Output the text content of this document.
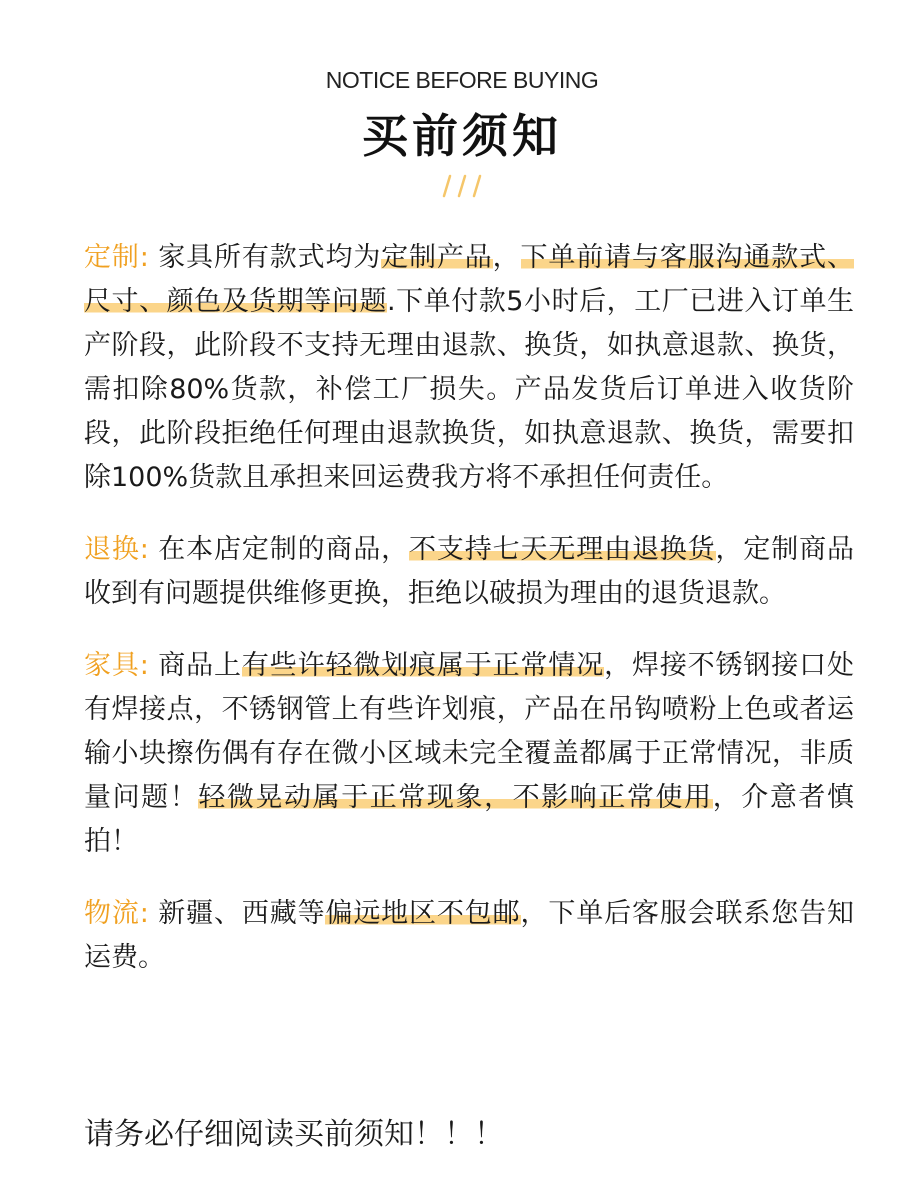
NOTICE BEFORE BUYING
买前须知

定制: 家具所有款式均为定制产品，下单前请与客服沟通款式、尺寸、颜色及货期等问题.下单付款5小时后，工厂已进入订单生产阶段，此阶段不支持无理由退款、换货，如执意退款、换货，需扣除80%货款，补偿工厂损失。产品发货后订单进入收货阶段，此阶段拒绝任何理由退款换货，如执意退款、换货，需要扣除100%货款且承担来回运费我方将不承担任何责任。

退换: 在本店定制的商品，不支持七天无理由退换货，定制商品收到有问题提供维修更换，拒绝以破损为理由的退货退款。

家具: 商品上有些许轻微划痕属于正常情况，焊接不锈钢接口处有焊接点，不锈钢管上有些许划痕，产品在吊钩喷粉上色或者运输小块擦伤偶有存在微小区域未完全覆盖都属于正常情况，非质量问题！轻微晃动属于正常现象，不影响正常使用，介意者慎拍！

物流: 新疆、西藏等偏远地区不包邮，下单后客服会联系您告知运费。

请务必仔细阅读买前须知！！！
